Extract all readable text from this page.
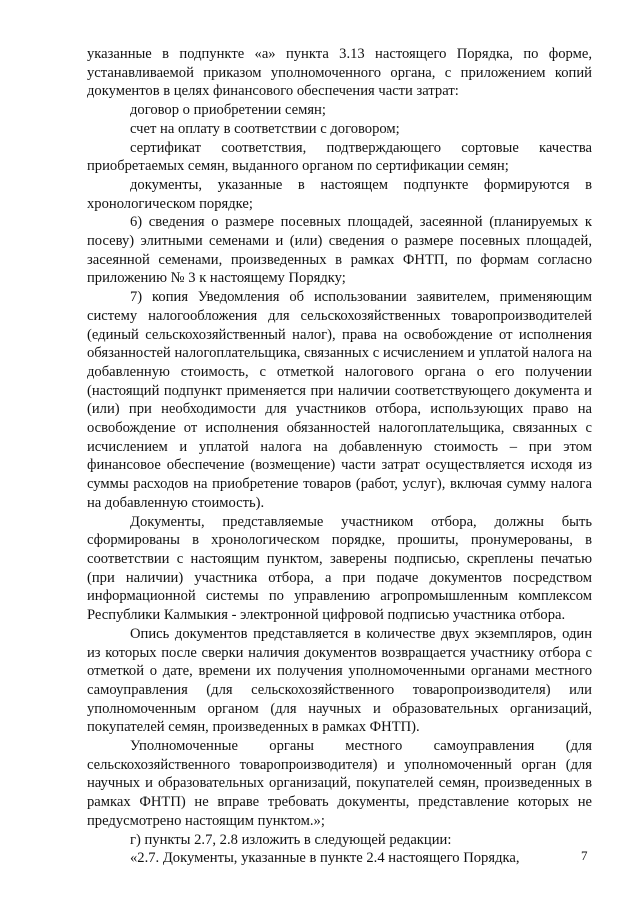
указанные в подпункте «а» пункта 3.13 настоящего Порядка, по форме, устанавливаемой приказом уполномоченного органа, с приложением копий документов в целях финансового обеспечения части затрат:

договор о приобретении семян;

счет на оплату в соответствии с договором;

сертификат соответствия, подтверждающего сортовые качества приобретаемых семян, выданного органом по сертификации семян;

документы, указанные в настоящем подпункте формируются в хронологическом порядке;

6) сведения о размере посевных площадей, засеянной (планируемых к посеву) элитными семенами и (или) сведения о размере посевных площадей, засеянной семенами, произведенных в рамках ФНТП, по формам согласно приложению № 3 к настоящему Порядку;

7) копия Уведомления об использовании заявителем, применяющим систему налогообложения для сельскохозяйственных товаропроизводителей (единый сельскохозяйственный налог), права на освобождение от исполнения обязанностей налогоплательщика, связанных с исчислением и уплатой налога на добавленную стоимость, с отметкой налогового органа о его получении (настоящий подпункт применяется при наличии соответствующего документа и (или) при необходимости для участников отбора, использующих право на освобождение от исполнения обязанностей налогоплательщика, связанных с исчислением и уплатой налога на добавленную стоимость – при этом финансовое обеспечение (возмещение) части затрат осуществляется исходя из суммы расходов на приобретение товаров (работ, услуг), включая сумму налога на добавленную стоимость).

Документы, представляемые участником отбора, должны быть сформированы в хронологическом порядке, прошиты, пронумерованы, в соответствии с настоящим пунктом, заверены подписью, скреплены печатью (при наличии) участника отбора, а при подаче документов посредством информационной системы по управлению агропромышленным комплексом Республики Калмыкия - электронной цифровой подписью участника отбора.

Опись документов представляется в количестве двух экземпляров, один из которых после сверки наличия документов возвращается участнику отбора с отметкой о дате, времени их получения уполномоченными органами местного самоуправления (для сельскохозяйственного товаропроизводителя) или уполномоченным органом (для научных и образовательных организаций, покупателей семян, произведенных в рамках ФНТП).

Уполномоченные органы местного самоуправления (для сельскохозяйственного товаропроизводителя) и уполномоченный орган (для научных и образовательных организаций, покупателей семян, произведенных в рамках ФНТП) не вправе требовать документы, представление которых не предусмотрено настоящим пунктом.»;

г) пункты 2.7, 2.8 изложить в следующей редакции:

«2.7. Документы, указанные в пункте 2.4 настоящего Порядка,	7
